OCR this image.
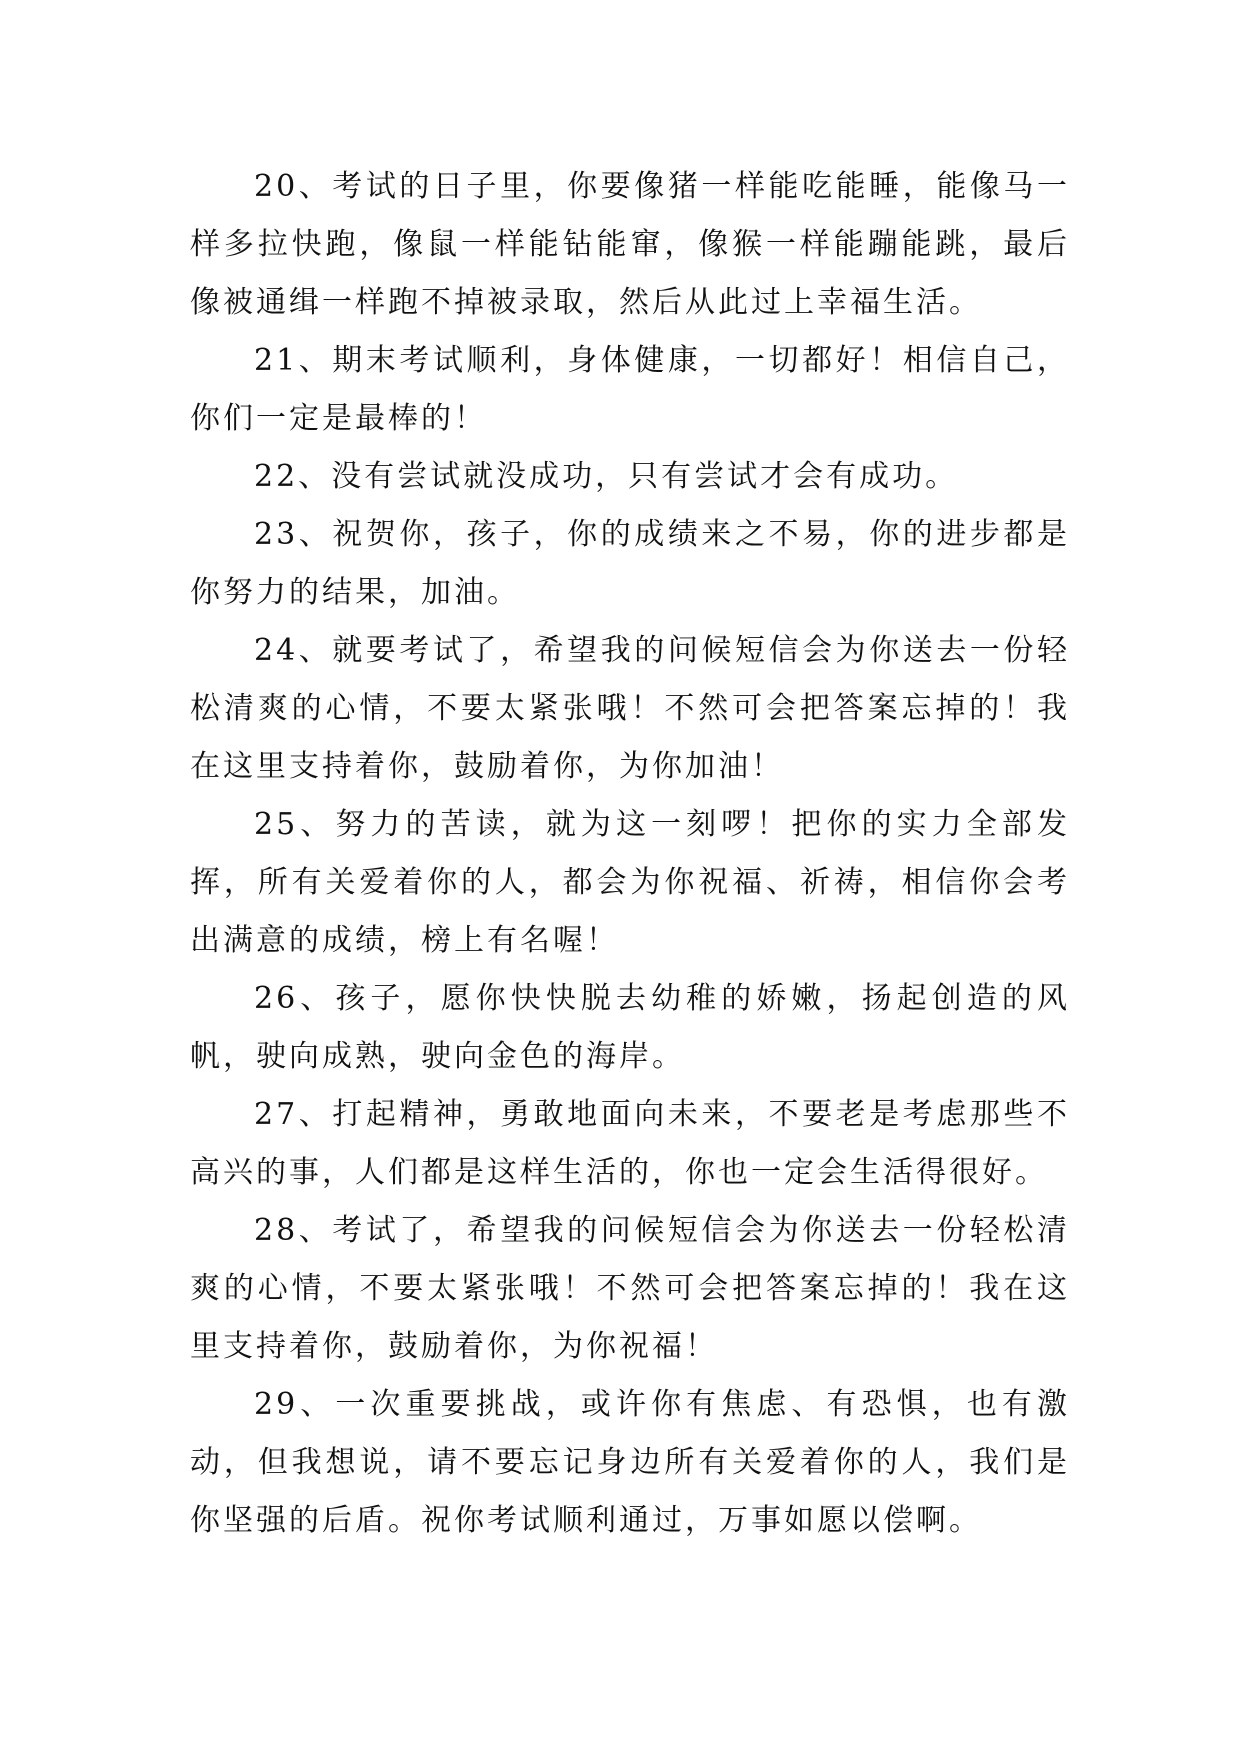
20、考试的日子里，你要像猪一样能吃能睡，能像马一样多拉快跑，像鼠一样能钻能窜，像猴一样能蹦能跳，最后像被通缉一样跑不掉被录取，然后从此过上幸福生活。

21、期末考试顺利，身体健康，一切都好！相信自己，你们一定是最棒的！

22、没有尝试就没成功，只有尝试才会有成功。

23、祝贺你，孩子，你的成绩来之不易，你的进步都是你努力的结果，加油。

24、就要考试了，希望我的问候短信会为你送去一份轻松清爽的心情，不要太紧张哦！不然可会把答案忘掉的！我在这里支持着你，鼓励着你，为你加油！

25、努力的苦读，就为这一刻啰！把你的实力全部发挥，所有关爱着你的人，都会为你祝福、祈祷，相信你会考出满意的成绩，榜上有名喔！

26、孩子，愿你快快脱去幼稚的娇嫩，扬起创造的风帆，驶向成熟，驶向金色的海岸。

27、打起精神，勇敢地面向未来，不要老是考虑那些不高兴的事，人们都是这样生活的，你也一定会生活得很好。

28、考试了，希望我的问候短信会为你送去一份轻松清爽的心情，不要太紧张哦！不然可会把答案忘掉的！我在这里支持着你，鼓励着你，为你祝福！

29、一次重要挑战，或许你有焦虑、有恐惧，也有激动，但我想说，请不要忘记身边所有关爱着你的人，我们是你坚强的后盾。祝你考试顺利通过，万事如愿以偿啊。
